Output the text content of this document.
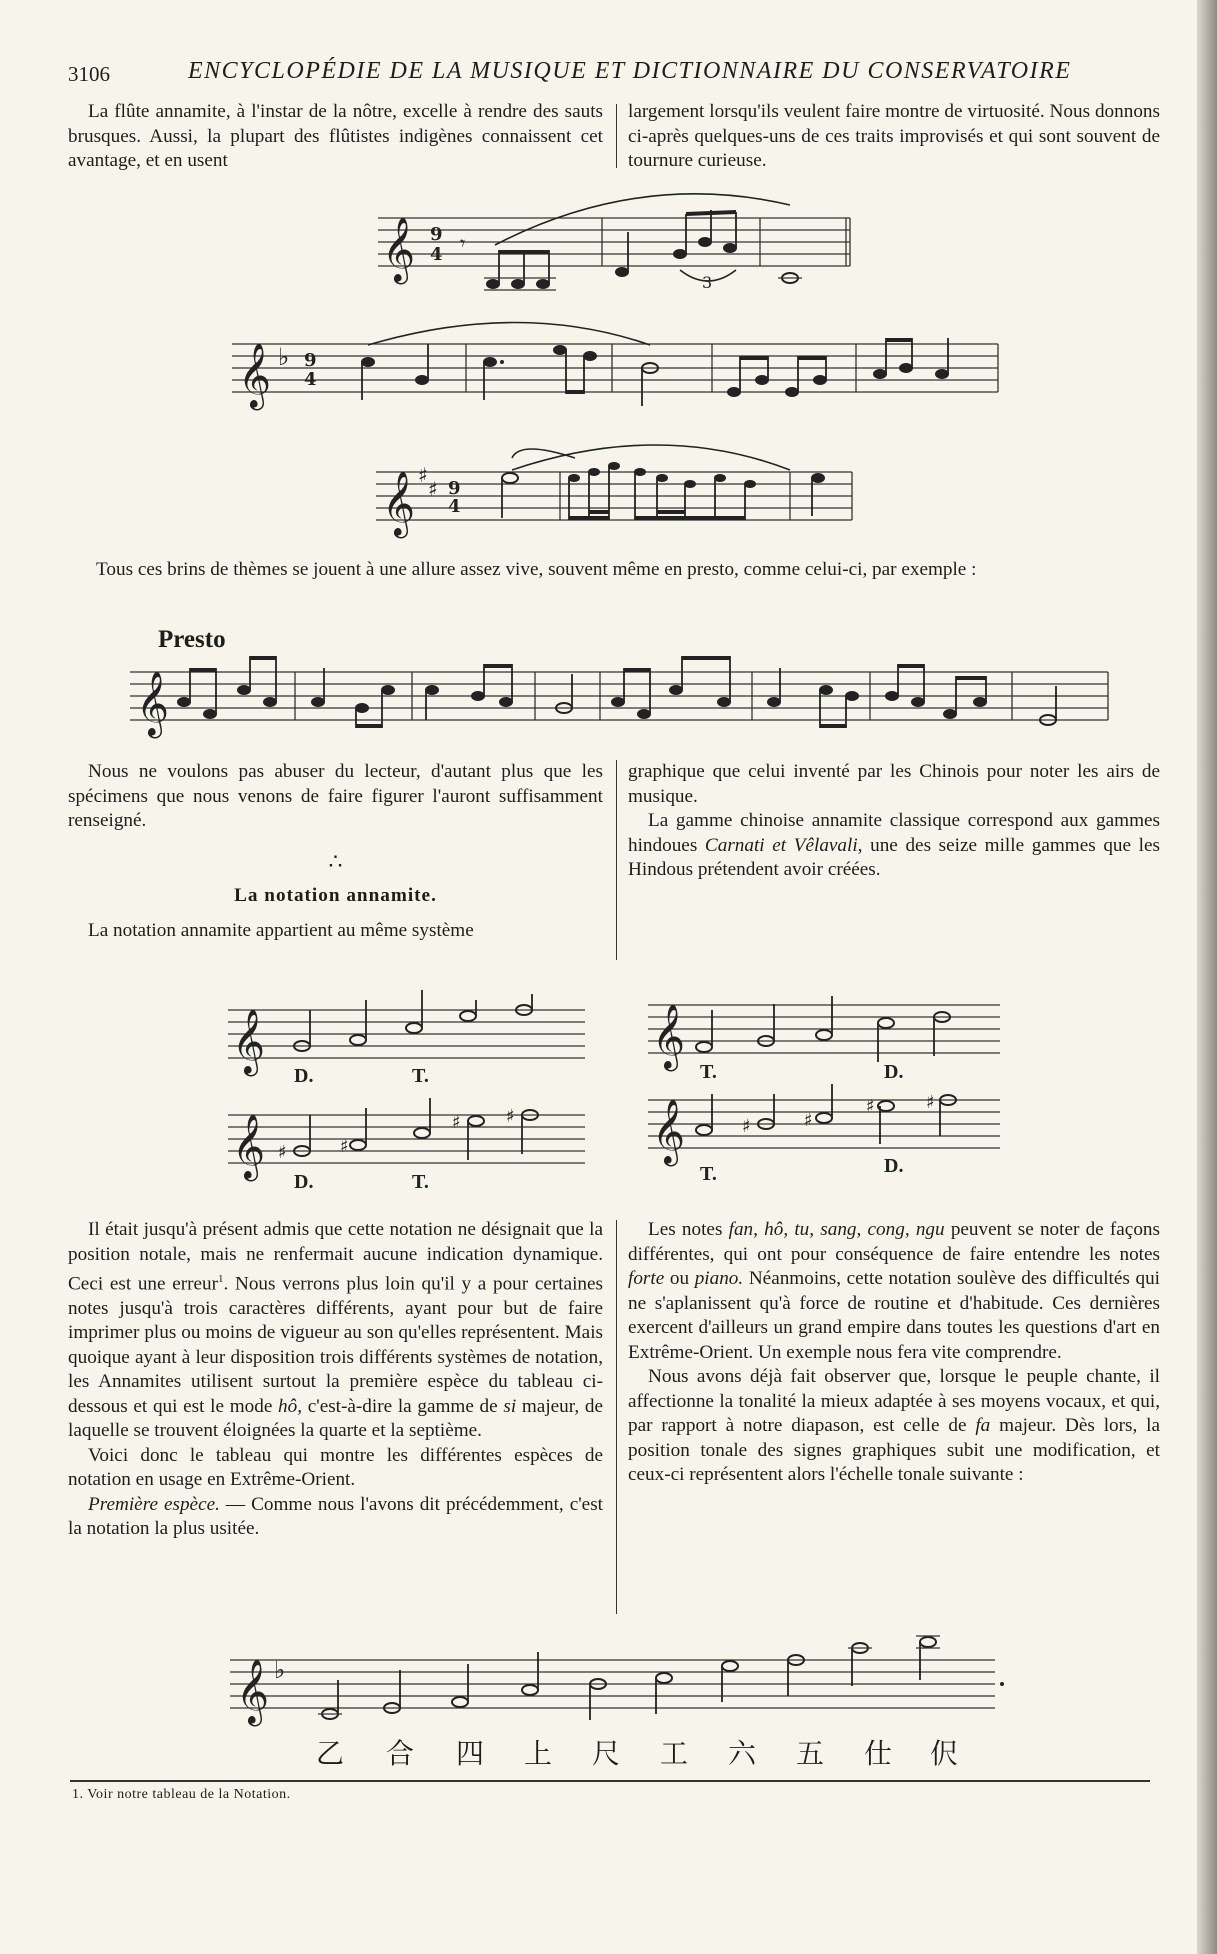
3106	ENCYCLOPÉDIE DE LA MUSIQUE ET DICTIONNAIRE DU CONSERVATOIRE

La flûte annamite, à l'instar de la nôtre, excelle à rendre des sauts brusques. Aussi, la plupart des flûtistes indigènes connaissent cet avantage, et en usent

largement lorsqu'ils veulent faire montre de virtuosité. Nous donnons ci-après quelques-uns de ces traits improvisés et qui sont souvent de tournure curieuse.

𝄞 9
4 𝄾
3
𝄞 ♭ 9
4
𝄞 ♯
♯ 9
4
𝄞
𝄞
D.	T.
𝄞 ♯	♯
♯	♯
D.	T.
𝄞
T.	D.
𝄞	♯	♯
♯	♯
T.	D.
𝄞 ♭
Presto

Tous ces brins de thèmes se jouent à une allure assez vive, souvent même en presto, comme celui-ci, par exemple :

Nous ne voulons pas abuser du lecteur, d'autant plus que les spécimens que nous venons de faire figurer l'auront suffisamment renseigné.

∴

La notation annamite.

La notation annamite appartient au même système

graphique que celui inventé par les Chinois pour noter les airs de musique.

La gamme chinoise annamite classique correspond aux gammes hindoues Carnati et Vêlavali, une des seize mille gammes que les Hindous prétendent avoir créées.

Il était jusqu'à présent admis que cette notation ne désignait que la position notale, mais ne renfermait aucune indication dynamique. Ceci est une erreur$^1$. Nous verrons plus loin qu'il y a pour certaines notes jusqu'à trois caractères différents, ayant pour but de faire imprimer plus ou moins de vigueur au son qu'elles représentent. Mais quoique ayant à leur disposition trois différents systèmes de notation, les Annamites utilisent surtout la première espèce du tableau ci-dessous et qui est le mode hô, c'est-à-dire la gamme de si majeur, de laquelle se trouvent éloignées la quarte et la septième.

Voici donc le tableau qui montre les différentes espèces de notation en usage en Extrême-Orient.

Première espèce. — Comme nous l'avons dit précédemment, c'est la notation la plus usitée.

Les notes fan, hô, tu, sang, cong, ngu peuvent se noter de façons différentes, qui ont pour conséquence de faire entendre les notes forte ou piano. Néanmoins, cette notation soulève des difficultés qui ne s'aplanissent qu'à force de routine et d'habitude. Ces dernières exercent d'ailleurs un grand empire dans toutes les questions d'art en Extrême-Orient. Un exemple nous fera vite comprendre.

Nous avons déjà fait observer que, lorsque le peuple chante, il affectionne la tonalité la mieux adaptée à ses moyens vocaux, et qui, par rapport à notre diapason, est celle de fa majeur. Dès lors, la position tonale des signes graphiques subit une modification, et ceux-ci représentent alors l'échelle tonale suivante :

乙 合 四 上 尺 工 六 五 仕 伬
1. Voir notre tableau de la Notation.
